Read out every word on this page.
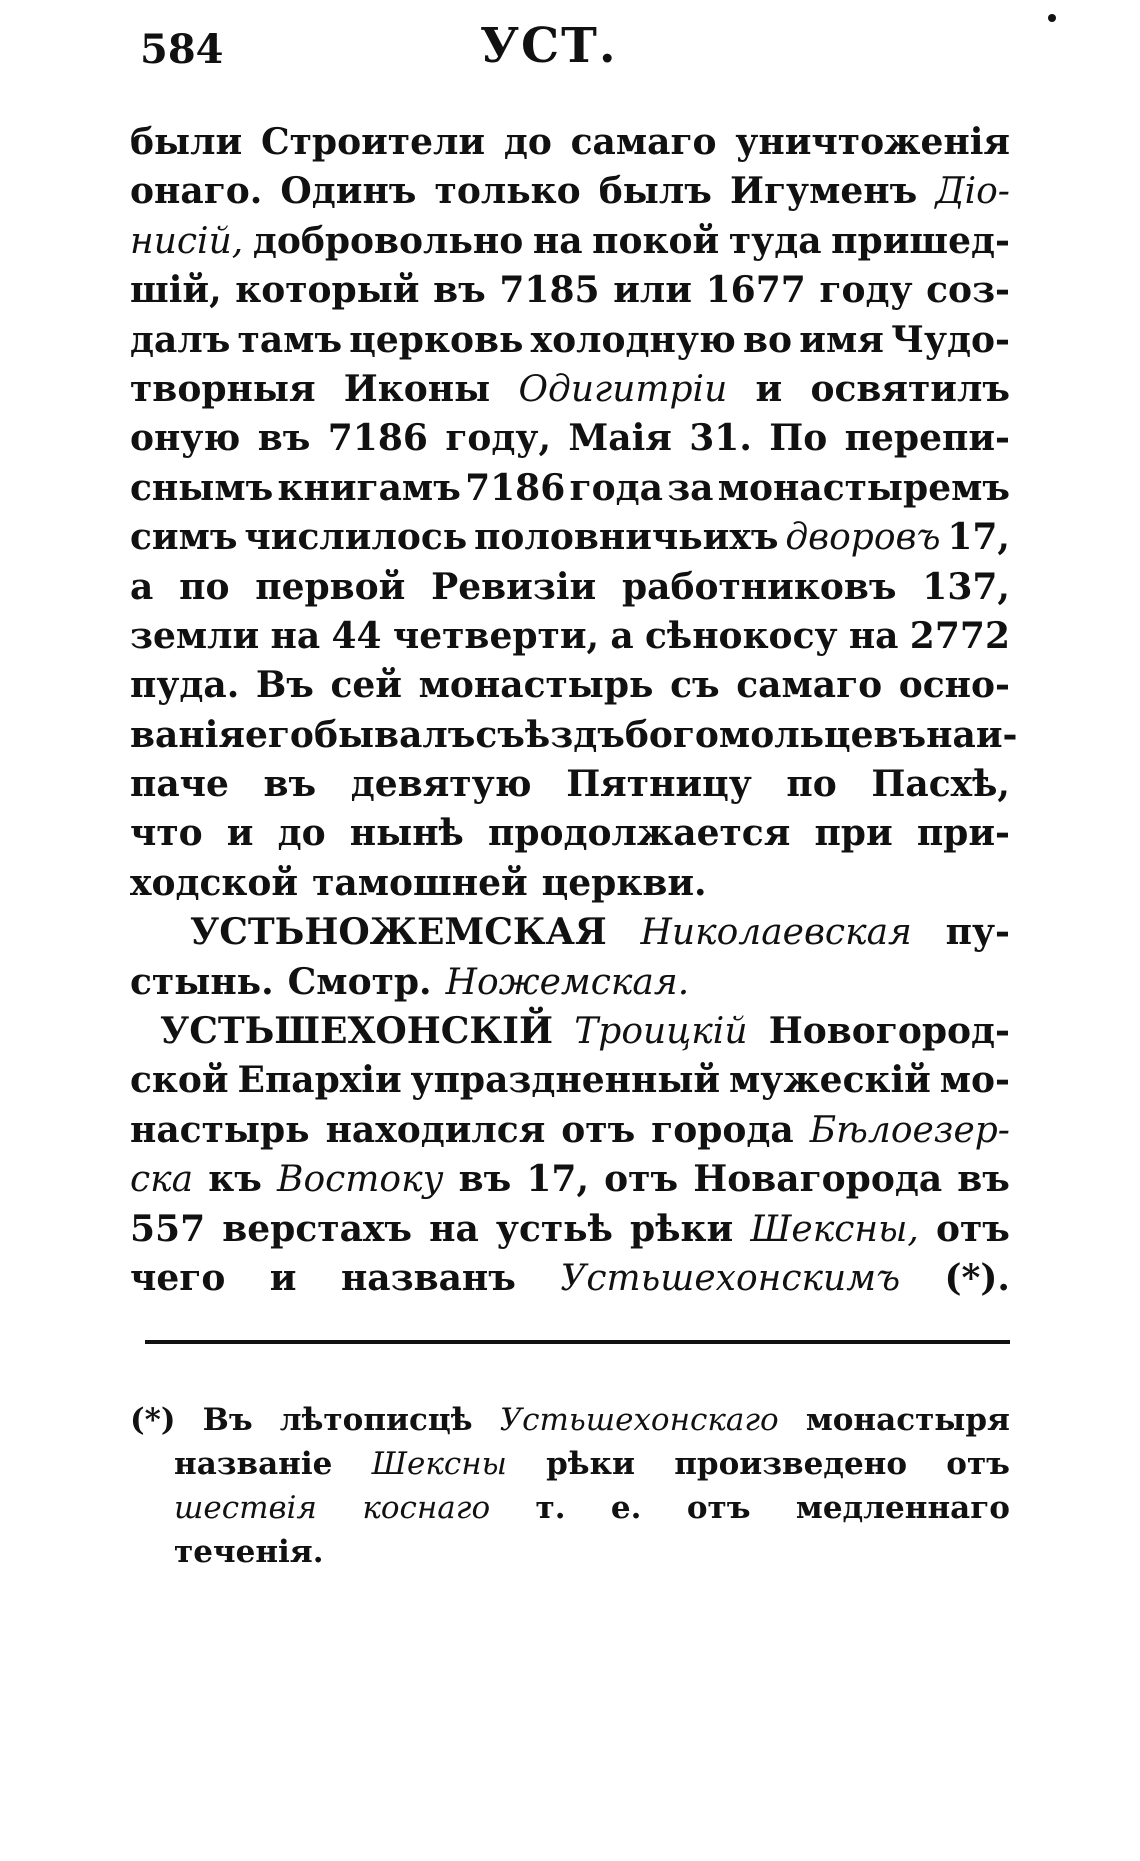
584	УСТ.
были Строители до самаго уничтоженія
онаго. Одинъ только былъ Игуменъ Діо-
нисій, добровольно на покой туда пришед-
шій, который въ 7185 или 1677 году соз-
далъ тамъ церковь холодную во имя Чудо-
творныя Иконы Одигитріи и освятилъ
оную въ 7186 году, Маія 31. По перепи-
снымъ книгамъ 7186 года за монастыремъ
симъ числилось половничьихъ дворовъ 17,
а по первой Ревизіи работниковъ 137,
земли на 44 четверти, а сѣнокосу на 2772
пуда. Въ сей монастырь съ самаго осно-
ванія его бывалъ съѣздъ богомольцевъ наи-
паче въ девятую Пятницу по Пасхѣ,
что и до нынѣ продолжается при при-
ходской тамошней церкви.
УСТЬНОЖЕМСКАЯ Николаевская пу-
стынь. Смотр. Ножемская.
УСТЬШЕХОНСКІЙ Троицкій Новогород-
ской Епархіи упраздненный мужескій мо-
настырь находился отъ города Бѣлоезер-
ска къ Востоку въ 17, отъ Новагорода въ
557 верстахъ на устьѣ рѣки Шексны, отъ
чего и названъ Устьшехонскимъ (*).
(*) Въ лѣтописцѣ Устьшехонскаго монастыря
названіе Шексны рѣки произведено отъ
шествія коснаго т. е. отъ медленнаго
теченія.
